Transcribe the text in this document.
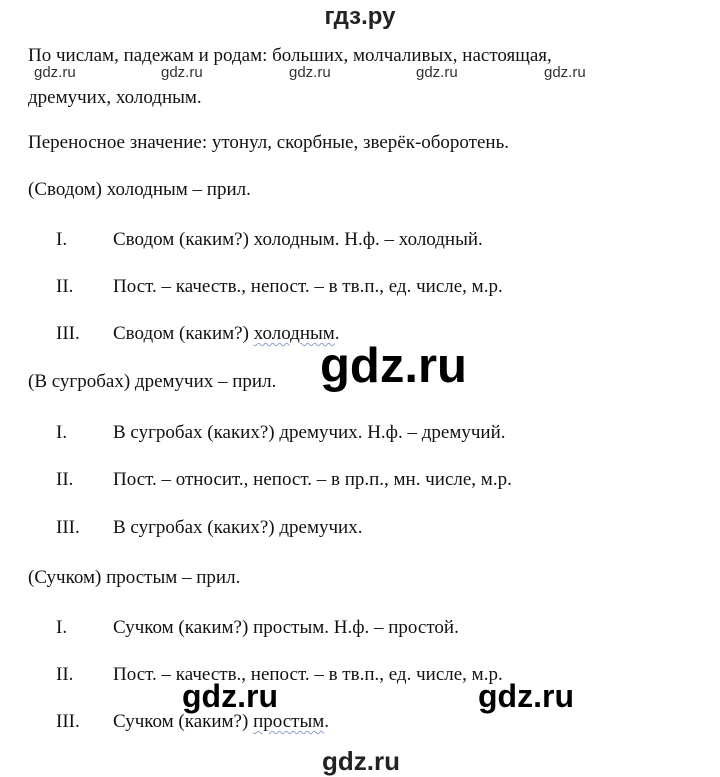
гдз.ру
По числам, падежам и родам: больших, молчаливых, настоящая,
дремучих, холодным.
Переносное значение: утонул, скорбные, зверёк-оборотень.
(Сводом) холодным – прил.
I. Сводом (каким?) холодным. Н.ф. – холодный.
II. Пост. – качеств., непост. – в тв.п., ед. числе, м.р.
III. Сводом (каким?) холодным.
(В сугробах) дремучих – прил.
I. В сугробах (каких?) дремучих. Н.ф. – дремучий.
II. Пост. – относит., непост. – в пр.п., мн. числе, м.р.
III. В сугробах (каких?) дремучих.
(Сучком) простым – прил.
I. Сучком (каким?) простым. Н.ф. – простой.
II. Пост. – качеств., непост. – в тв.п., ед. числе, м.р.
III. Сучком (каким?) простым.
gdz.ru	gdz.ru	gdz.ru	gdz.ru	gdz.ru
gdz.ru
gdz.ru	gdz.ru
gdz.ru
